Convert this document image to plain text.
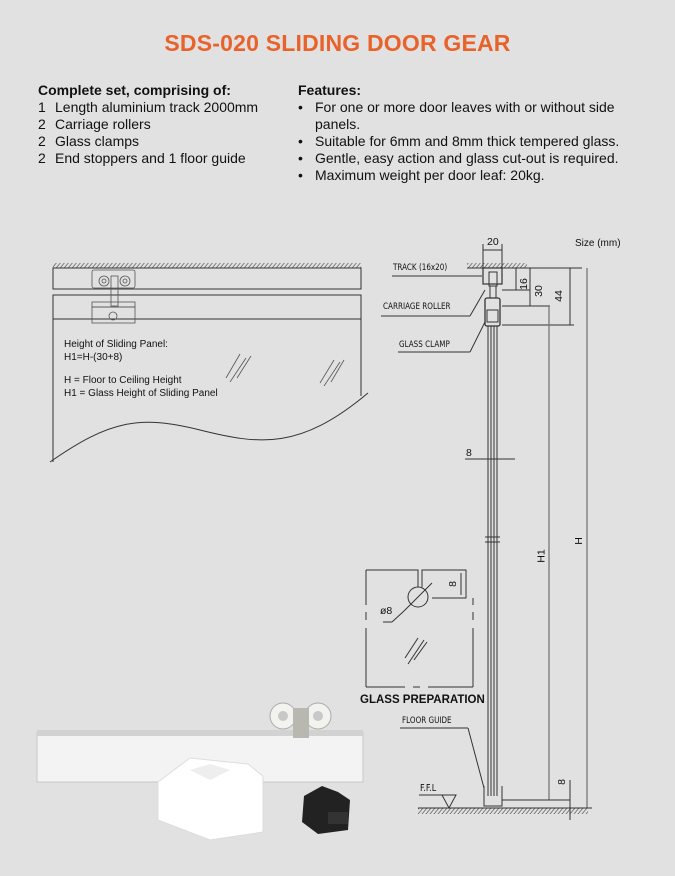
SDS-020 SLIDING DOOR GEAR
Complete set, comprising of:
1 Length aluminium track 2000mm
2 Carriage rollers
2 Glass clamps
2 End stoppers and 1 floor guide
Features:
• For one or more door leaves with or without side panels.
• Suitable for 6mm and 8mm thick tempered glass.
• Gentle, easy action and glass cut-out is required.
• Maximum weight per door leaf: 20kg.
Size (mm)
Height of Sliding Panel:
H1=H-(30+8)
H = Floor to Ceiling Height
H1 = Glass Height of Sliding Panel
TRACK (16x20)
CARRIAGE ROLLER
GLASS CLAMP
FLOOR GUIDE
F.F.L
20
16
30 44
8
H1
H
8
ø8
8
GLASS PREPARATION
